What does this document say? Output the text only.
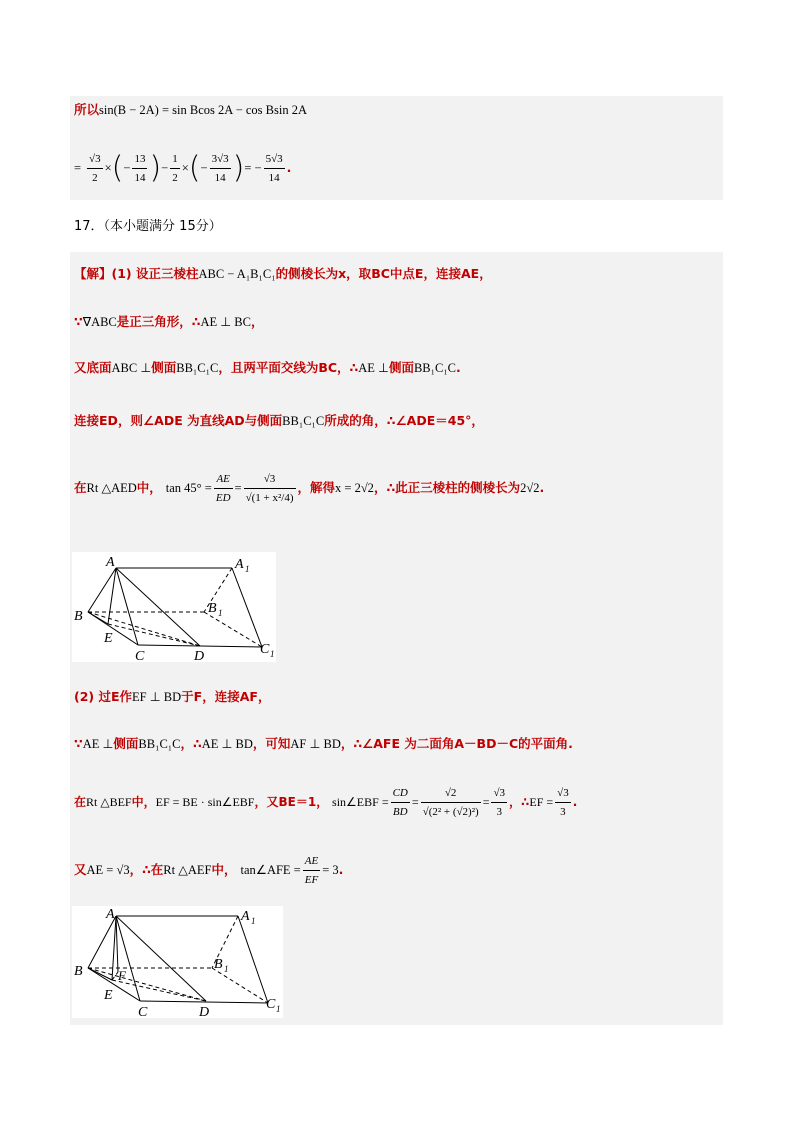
所以sin(B − 2A) = sin Bcos 2A − cos Bsin 2A
= $\frac{√3}{2}$ ×(− $\frac{13}{14}$ )− $\frac{1}{2}$ ×(− $\frac{3√3}{14}$ )= − $\frac{5√3}{14}$ .
17．（本小题满分 15分）
【解】(1) 设正三棱柱ABC − A₁B₁C₁的侧棱长为x，取BC中点E，连接AE，
∵∇ABC是正三角形，∴AE ⊥ BC，
又底面ABC ⊥侧面BB₁C₁C，且两平面交线为BC，∴AE ⊥侧面BB₁C₁C.
连接ED，则∠ADE 为直线AD与侧面BB₁C₁C所成的角，∴∠ADE＝45°，
在Rt △AED中， $\tan 45^\circ = \frac{AE}{ED} = \frac{√3}{\text{√(1 + x²/4)}}$ ，解得x = 2√2，∴此正三棱柱的侧棱长为2√2.
A	A 1
B
B 1
E
C	D	C 1
(2) 过E作EF ⊥ BD于F，连接AF，
∵AE ⊥侧面BB₁C₁C，∴AE ⊥ BD，可知AF ⊥ BD，∴∠AFE 为二面角A－BD－C的平面角.
在Rt △BEF中，EF = BE · sin∠EBF，又BE＝1， sin∠EBF = $\frac{CD}{BD} = \frac{√2}{\text{√(2² + (√2)²)}} = \frac{√3}{3}$ ，∴EF = $\frac{√3}{3}$ .
又AE = √3，∴在Rt △AEF中， tan∠AFE = $\frac{AE}{EF} = 3$.
A	A 1
B	B 1
F
E
C	D
C 1
